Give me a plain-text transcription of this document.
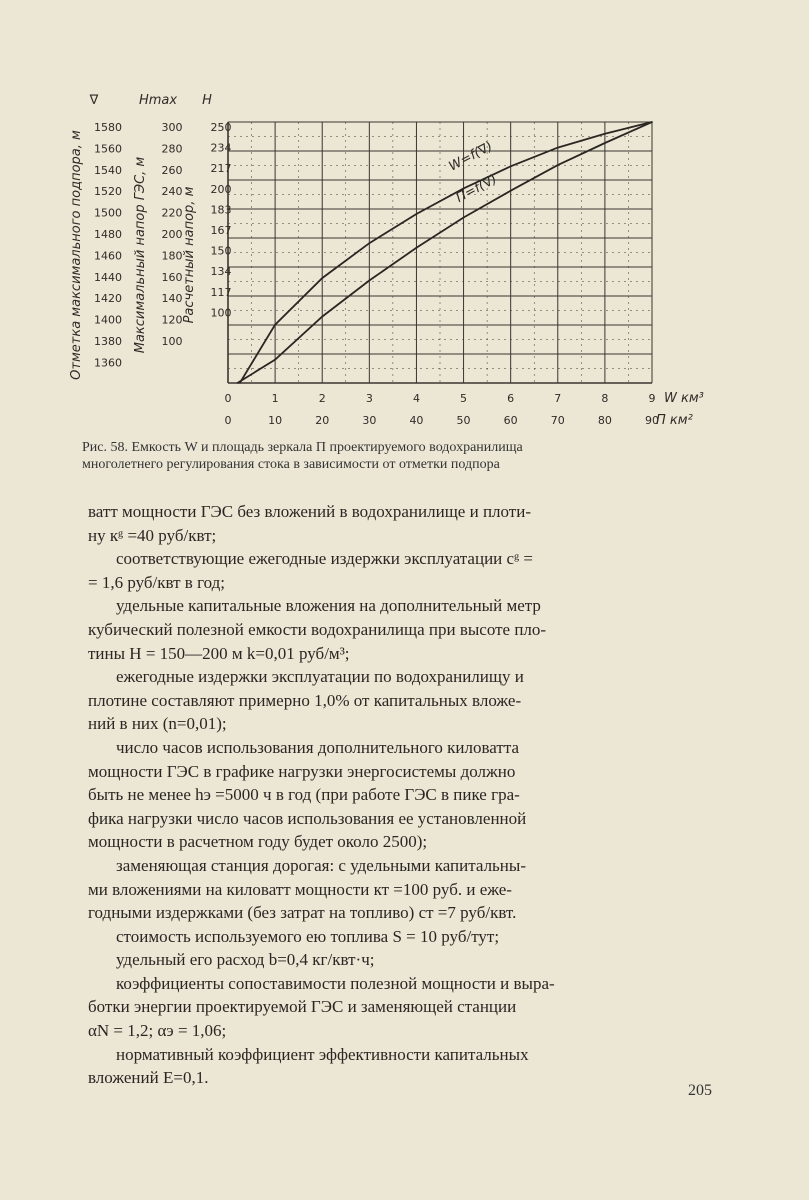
0	1	2	3	4	5	6	7	8	9 W км³
0	10	20	30	40	50	60	70	80	90
П км²
∇
1580
1560
1540
1520
1500
1480
1460
1440
1420
1400
1380
1360
Отметка максимального подпора, м
Hmax
300
280
260
240
220
200
180
160
140
120
100
Максимальный напор ГЭС, м
H
250
234
217
200
183
167
150
134
117
100
Расчетный напор, м
W=f(∇)
П=f(∇)
Рис. 58. Емкость W и площадь зеркала П проектируемого водохранилища
многолетнего регулирования стока в зависимости от отметки подпора
ватт мощности ГЭС без вложений в водохранилище и плоти-
ну кᵍ =40 руб/квт;
соответствующие ежегодные издержки эксплуатации сᵍ =
= 1,6 руб/квт в год;
удельные капитальные вложения на дополнительный метр
кубический полезной емкости водохранилища при высоте пло-
тины H = 150—200 м k=0,01 руб/м³;
ежегодные издержки эксплуатации по водохранилищу и
плотине составляют примерно 1,0% от капитальных вложе-
ний в них (n=0,01);
число часов использования дополнительного киловатта
мощности ГЭС в графике нагрузки энергосистемы должно
быть не менее hэ =5000 ч в год (при работе ГЭС в пике гра-
фика нагрузки число часов использования ее установленной
мощности в расчетном году будет около 2500);
заменяющая станция дорогая: с удельными капитальны-
ми вложениями на киловатт мощности кт =100 руб. и еже-
годными издержками (без затрат на топливо) ст =7 руб/квт.
стоимость используемого ею топлива S = 10 руб/тут;
удельный его расход b=0,4 кг/квт·ч;
коэффициенты сопоставимости полезной мощности и выра-
ботки энергии проектируемой ГЭС и заменяющей станции
αN = 1,2; αэ = 1,06;
нормативный коэффициент эффективности капитальных
вложений E=0,1.
205
